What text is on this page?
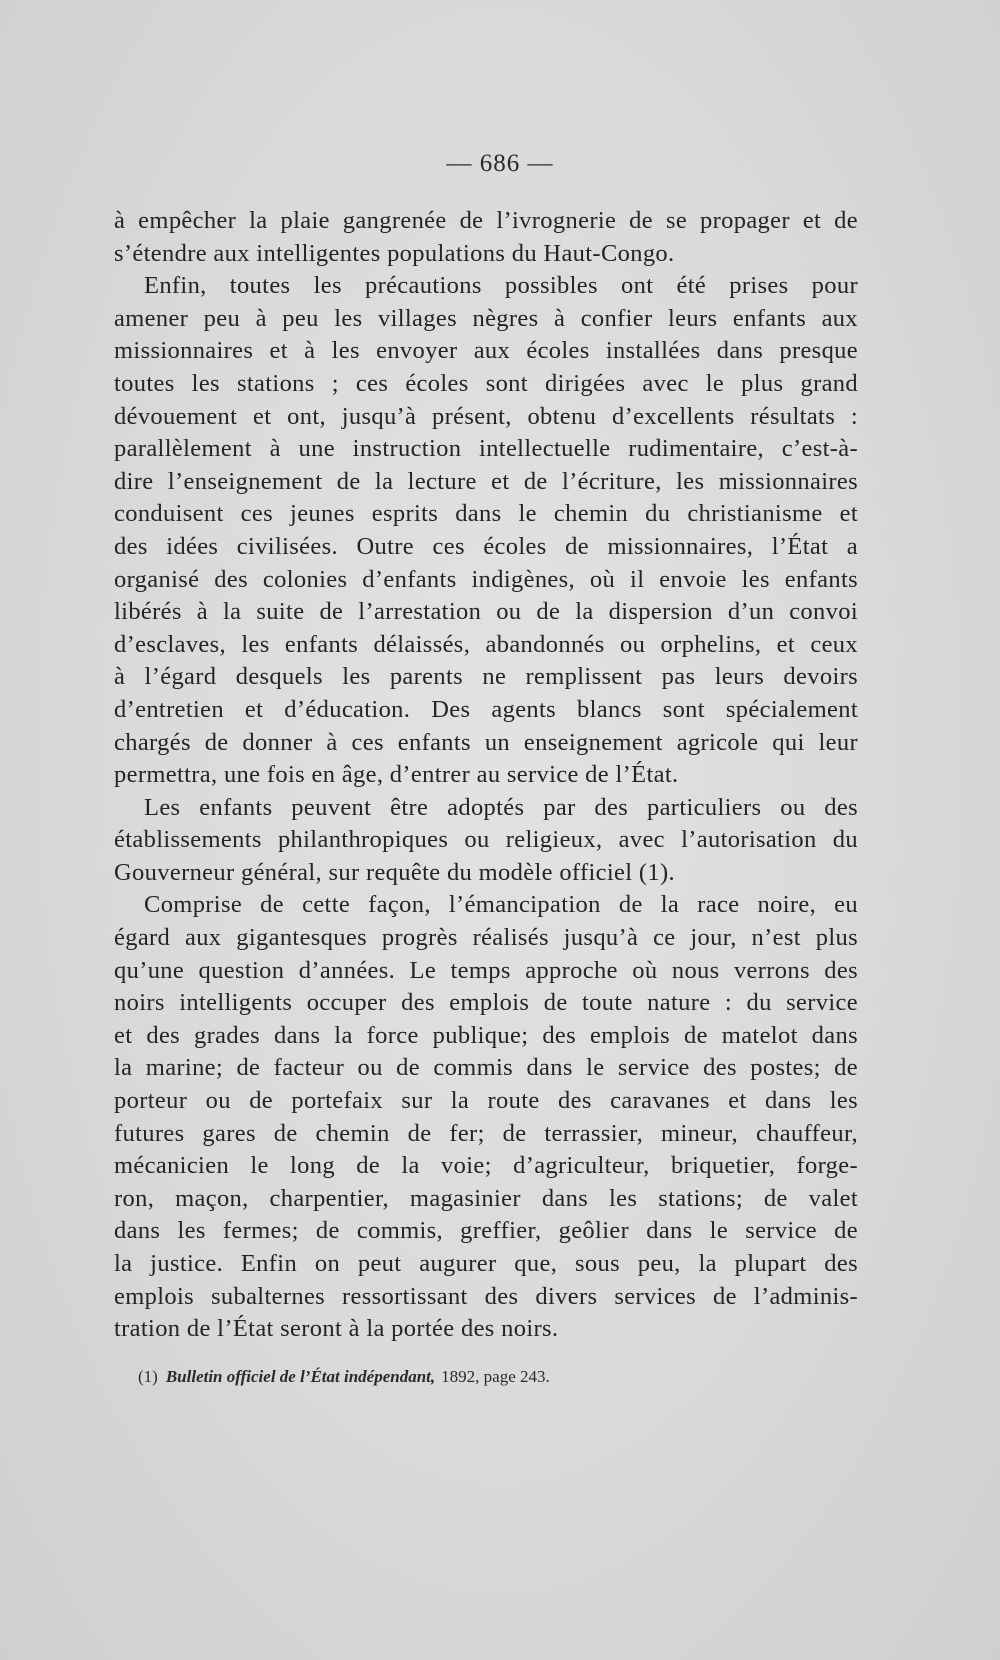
— 686 —
à empêcher la plaie gangrenée de l’ivrognerie de se propager et de
s’étendre aux intelligentes populations du Haut-Congo.
Enfin, toutes les précautions possibles ont été prises pour
amener peu à peu les villages nègres à confier leurs enfants aux
missionnaires et à les envoyer aux écoles installées dans presque
toutes les stations ; ces écoles sont dirigées avec le plus grand
dévouement et ont, jusqu’à présent, obtenu d’excellents résultats :
parallèlement à une instruction intellectuelle rudimentaire, c’est-à-
dire l’enseignement de la lecture et de l’écriture, les missionnaires
conduisent ces jeunes esprits dans le chemin du christianisme et
des idées civilisées. Outre ces écoles de missionnaires, l’État a
organisé des colonies d’enfants indigènes, où il envoie les enfants
libérés à la suite de l’arrestation ou de la dispersion d’un convoi
d’esclaves, les enfants délaissés, abandonnés ou orphelins, et ceux
à l’égard desquels les parents ne remplissent pas leurs devoirs
d’entretien et d’éducation. Des agents blancs sont spécialement
chargés de donner à ces enfants un enseignement agricole qui leur
permettra, une fois en âge, d’entrer au service de l’État.
Les enfants peuvent être adoptés par des particuliers ou des
établissements philanthropiques ou religieux, avec l’autorisation du
Gouverneur général, sur requête du modèle officiel (1).
Comprise de cette façon, l’émancipation de la race noire, eu
égard aux gigantesques progrès réalisés jusqu’à ce jour, n’est plus
qu’une question d’années. Le temps approche où nous verrons des
noirs intelligents occuper des emplois de toute nature : du service
et des grades dans la force publique; des emplois de matelot dans
la marine; de facteur ou de commis dans le service des postes; de
porteur ou de portefaix sur la route des caravanes et dans les
futures gares de chemin de fer; de terrassier, mineur, chauffeur,
mécanicien le long de la voie; d’agriculteur, briquetier, forge-
ron, maçon, charpentier, magasinier dans les stations; de valet
dans les fermes; de commis, greffier, geôlier dans le service de
la justice. Enfin on peut augurer que, sous peu, la plupart des
emplois subalternes ressortissant des divers services de l’adminis-
tration de l’État seront à la portée des noirs.
(1) Bulletin officiel de l’État indépendant, 1892, page 243.
